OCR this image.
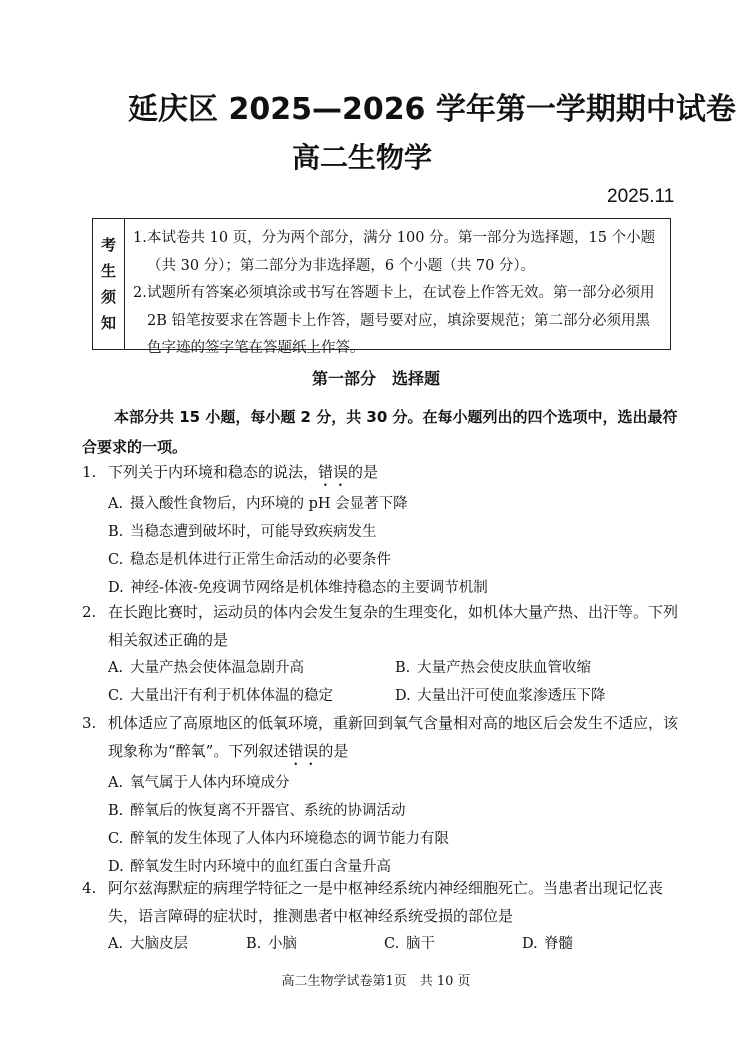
延庆区 2025—2026 学年第一学期期中试卷
高二生物学
2025.11
考
生
须
知
1. 本试卷共 10 页，分为两个部分，满分 100 分。第一部分为选择题，15 个小题（共 30 分）；第二部分为非选择题，6 个小题（共 70 分）。
2. 试题所有答案必须填涂或书写在答题卡上，在试卷上作答无效。第一部分必须用 2B 铅笔按要求在答题卡上作答，题号要对应，填涂要规范；第二部分必须用黑色字迹的签字笔在答题纸上作答。
第一部分　选择题
本部分共 15 小题，每小题 2 分，共 30 分。在每小题列出的四个选项中，选出最符合要求的一项。
1. 下列关于内环境和稳态的说法，错误的是
A. 摄入酸性食物后，内环境的 pH 会显著下降
B. 当稳态遭到破坏时，可能导致疾病发生
C. 稳态是机体进行正常生命活动的必要条件
D. 神经-体液-免疫调节网络是机体维持稳态的主要调节机制
2. 在长跑比赛时，运动员的体内会发生复杂的生理变化，如机体大量产热、出汗等。下列相关叙述正确的是
A. 大量产热会使体温急剧升高	B. 大量产热会使皮肤血管收缩
C. 大量出汗有利于机体体温的稳定	D. 大量出汗可使血浆渗透压下降
3. 机体适应了高原地区的低氧环境，重新回到氧气含量相对高的地区后会发生不适应，该现象称为“醉氧”。下列叙述错误的是
A. 氧气属于人体内环境成分
B. 醉氧后的恢复离不开器官、系统的协调活动
C. 醉氧的发生体现了人体内环境稳态的调节能力有限
D. 醉氧发生时内环境中的血红蛋白含量升高
4. 阿尔兹海默症的病理学特征之一是中枢神经系统内神经细胞死亡。当患者出现记忆丧失，语言障碍的症状时，推测患者中枢神经系统受损的部位是
A. 大脑皮层	B. 小脑	C. 脑干	D. 脊髓
高二生物学试卷第1页　共 10 页
